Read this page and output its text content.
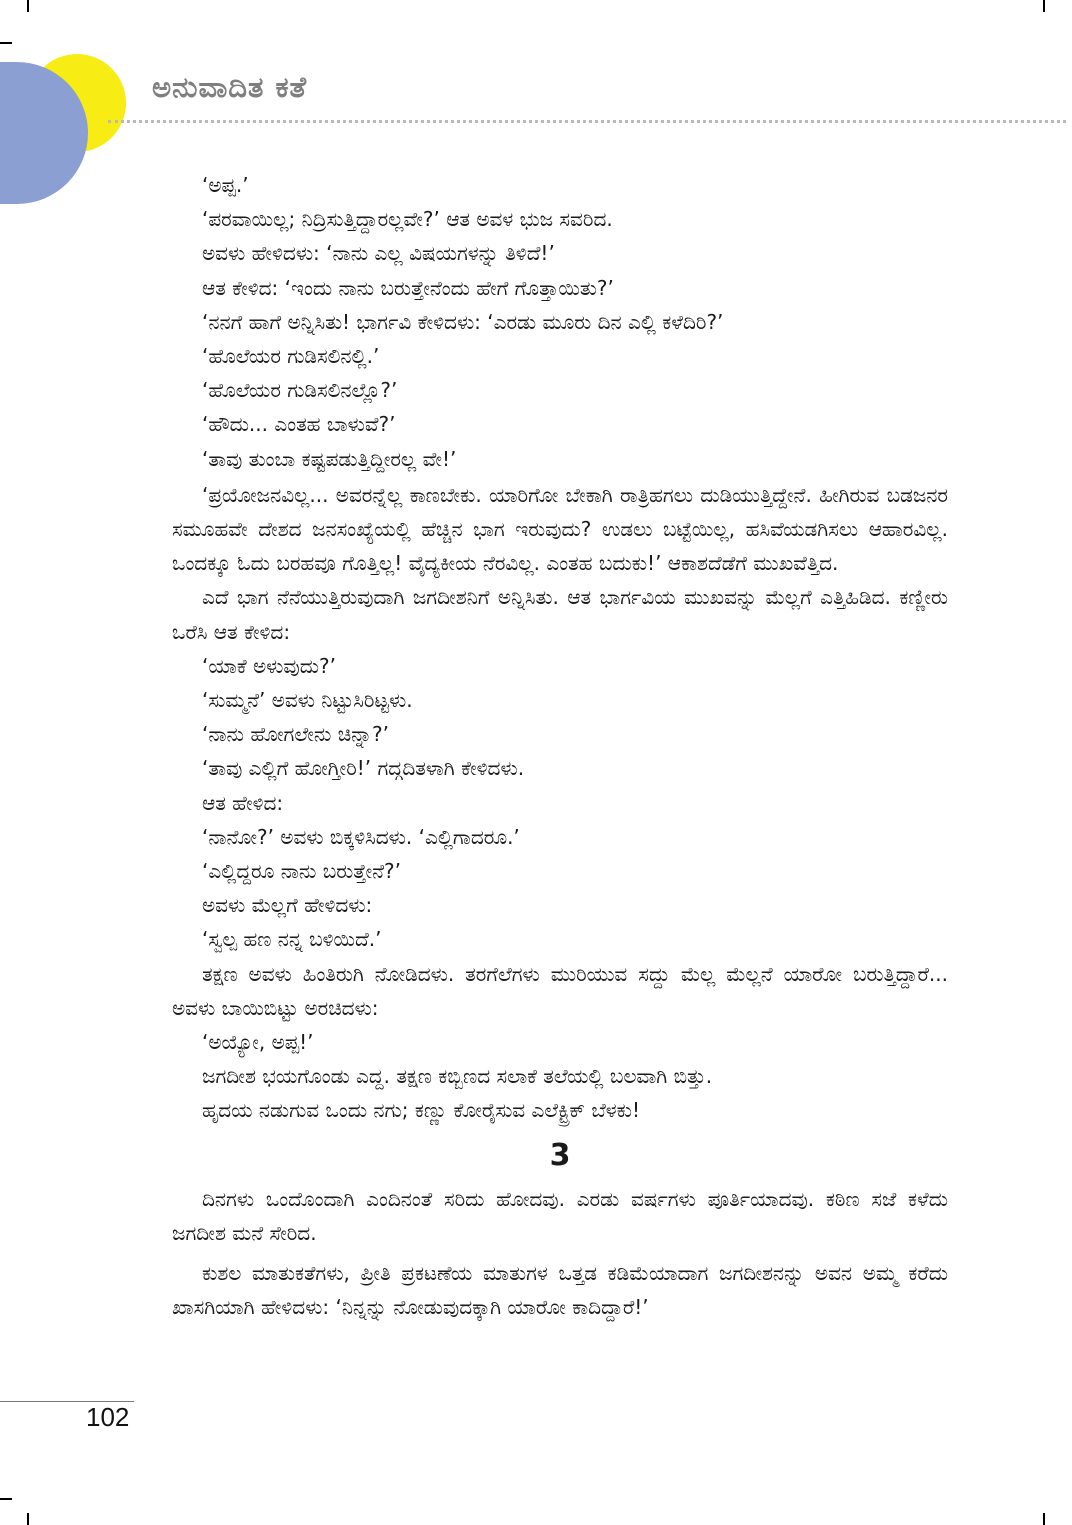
ಅನುವಾದಿತ ಕತೆ

‘ಅಪ್ಪ.’

‘ಪರವಾಯಿಲ್ಲ; ನಿದ್ರಿಸುತ್ತಿದ್ದಾರಲ್ಲವೇ?’ ಆತ ಅವಳ ಭುಜ ಸವರಿದ.

ಅವಳು ಹೇಳಿದಳು: ‘ನಾನು ಎಲ್ಲ ವಿಷಯಗಳನ್ನು ತಿಳಿದೆ!’

ಆತ ಕೇಳಿದ: ‘ಇಂದು ನಾನು ಬರುತ್ತೇನೆಂದು ಹೇಗೆ ಗೊತ್ತಾಯಿತು?’

‘ನನಗೆ ಹಾಗೆ ಅನ್ನಿಸಿತು! ಭಾರ್ಗವಿ ಕೇಳಿದಳು: ‘ಎರಡು ಮೂರು ದಿನ ಎಲ್ಲಿ ಕಳೆದಿರಿ?’

‘ಹೊಲೆಯರ ಗುಡಿಸಲಿನಲ್ಲಿ.’

‘ಹೊಲೆಯರ ಗುಡಿಸಲಿನಲ್ಲೊ?’

‘ಹೌದು... ಎಂತಹ ಬಾಳುವೆ?’

‘ತಾವು ತುಂಬಾ ಕಷ್ಟಪಡುತ್ತಿದ್ದೀರಲ್ಲ ವೇ!’

‘ಪ್ರಯೋಜನವಿಲ್ಲ... ಅವರನ್ನೆಲ್ಲ ಕಾಣಬೇಕು. ಯಾರಿಗೋ ಬೇಕಾಗಿ ರಾತ್ರಿಹಗಲು ದುಡಿಯುತ್ತಿದ್ದೇನೆ. ಹೀಗಿರುವ ಬಡಜನರ ಸಮೂಹವೇ ದೇಶದ ಜನಸಂಖ್ಯೆಯಲ್ಲಿ ಹೆಚ್ಚಿನ ಭಾಗ ಇರುವುದು? ಉಡಲು ಬಟ್ಟೆಯಿಲ್ಲ, ಹಸಿವೆಯಡಗಿಸಲು ಆಹಾರವಿಲ್ಲ. ಒಂದಕ್ಕೂ ಓದು ಬರಹವೂ ಗೊತ್ತಿಲ್ಲ! ವೈದ್ಯಕೀಯ ನೆರವಿಲ್ಲ. ಎಂತಹ ಬದುಕು!’ ಆಕಾಶದೆಡೆಗೆ ಮುಖವೆತ್ತಿದ.

ಎದೆ ಭಾಗ ನೆನೆಯುತ್ತಿರುವುದಾಗಿ ಜಗದೀಶನಿಗೆ ಅನ್ನಿಸಿತು. ಆತ ಭಾರ್ಗವಿಯ ಮುಖವನ್ನು ಮೆಲ್ಲಗೆ ಎತ್ತಿಹಿಡಿದ. ಕಣ್ಣೀರು ಒರೆಸಿ ಆತ ಕೇಳಿದ:

‘ಯಾಕೆ ಅಳುವುದು?’

‘ಸುಮ್ಮನೆ’ ಅವಳು ನಿಟ್ಟುಸಿರಿಟ್ಟಳು.

‘ನಾನು ಹೋಗಲೇನು ಚಿನ್ನಾ?’

‘ತಾವು ಎಲ್ಲಿಗೆ ಹೋಗ್ತೀರಿ!’ ಗದ್ಗದಿತಳಾಗಿ ಕೇಳಿದಳು.

ಆತ ಹೇಳಿದ:

‘ನಾನೋ?’ ಅವಳು ಬಿಕ್ಕಳಿಸಿದಳು. ‘ಎಲ್ಲಿಗಾದರೂ.’

‘ಎಲ್ಲಿದ್ದರೂ ನಾನು ಬರುತ್ತೇನೆ?’

ಅವಳು ಮೆಲ್ಲಗೆ ಹೇಳಿದಳು:

‘ಸ್ವಲ್ಪ ಹಣ ನನ್ನ ಬಳಿಯಿದೆ.’

ತಕ್ಷಣ ಅವಳು ಹಿಂತಿರುಗಿ ನೋಡಿದಳು. ತರಗೆಲೆಗಳು ಮುರಿಯುವ ಸದ್ದು ಮೆಲ್ಲ ಮೆಲ್ಲನೆ ಯಾರೋ ಬರುತ್ತಿದ್ದಾರೆ... ಅವಳು ಬಾಯಿಬಿಟ್ಟು ಅರಚಿದಳು:

‘ಅಯ್ಯೋ, ಅಪ್ಪ!’

ಜಗದೀಶ ಭಯಗೊಂಡು ಎದ್ದ. ತಕ್ಷಣ ಕಬ್ಬಿಣದ ಸಲಾಕೆ ತಲೆಯಲ್ಲಿ ಬಲವಾಗಿ ಬಿತ್ತು.

ಹೃದಯ ನಡುಗುವ ಒಂದು ನಗು; ಕಣ್ಣು ಕೋರೈಸುವ ಎಲೆಕ್ಟ್ರಿಕ್ ಬೆಳಕು!

3

ದಿನಗಳು ಒಂದೊಂದಾಗಿ ಎಂದಿನಂತೆ ಸರಿದು ಹೋದವು. ಎರಡು ವರ್ಷಗಳು ಪೂರ್ತಿಯಾದವು. ಕಠಿಣ ಸಜೆ ಕಳೆದು ಜಗದೀಶ ಮನೆ ಸೇರಿದ.

ಕುಶಲ ಮಾತುಕತೆಗಳು, ಪ್ರೀತಿ ಪ್ರಕಟಣೆಯ ಮಾತುಗಳ ಒತ್ತಡ ಕಡಿಮೆಯಾದಾಗ ಜಗದೀಶನನ್ನು ಅವನ ಅಮ್ಮ ಕರೆದು ಖಾಸಗಿಯಾಗಿ ಹೇಳಿದಳು: ‘ನಿನ್ನನ್ನು ನೋಡುವುದಕ್ಕಾಗಿ ಯಾರೋ ಕಾದಿದ್ದಾರೆ!’

102
